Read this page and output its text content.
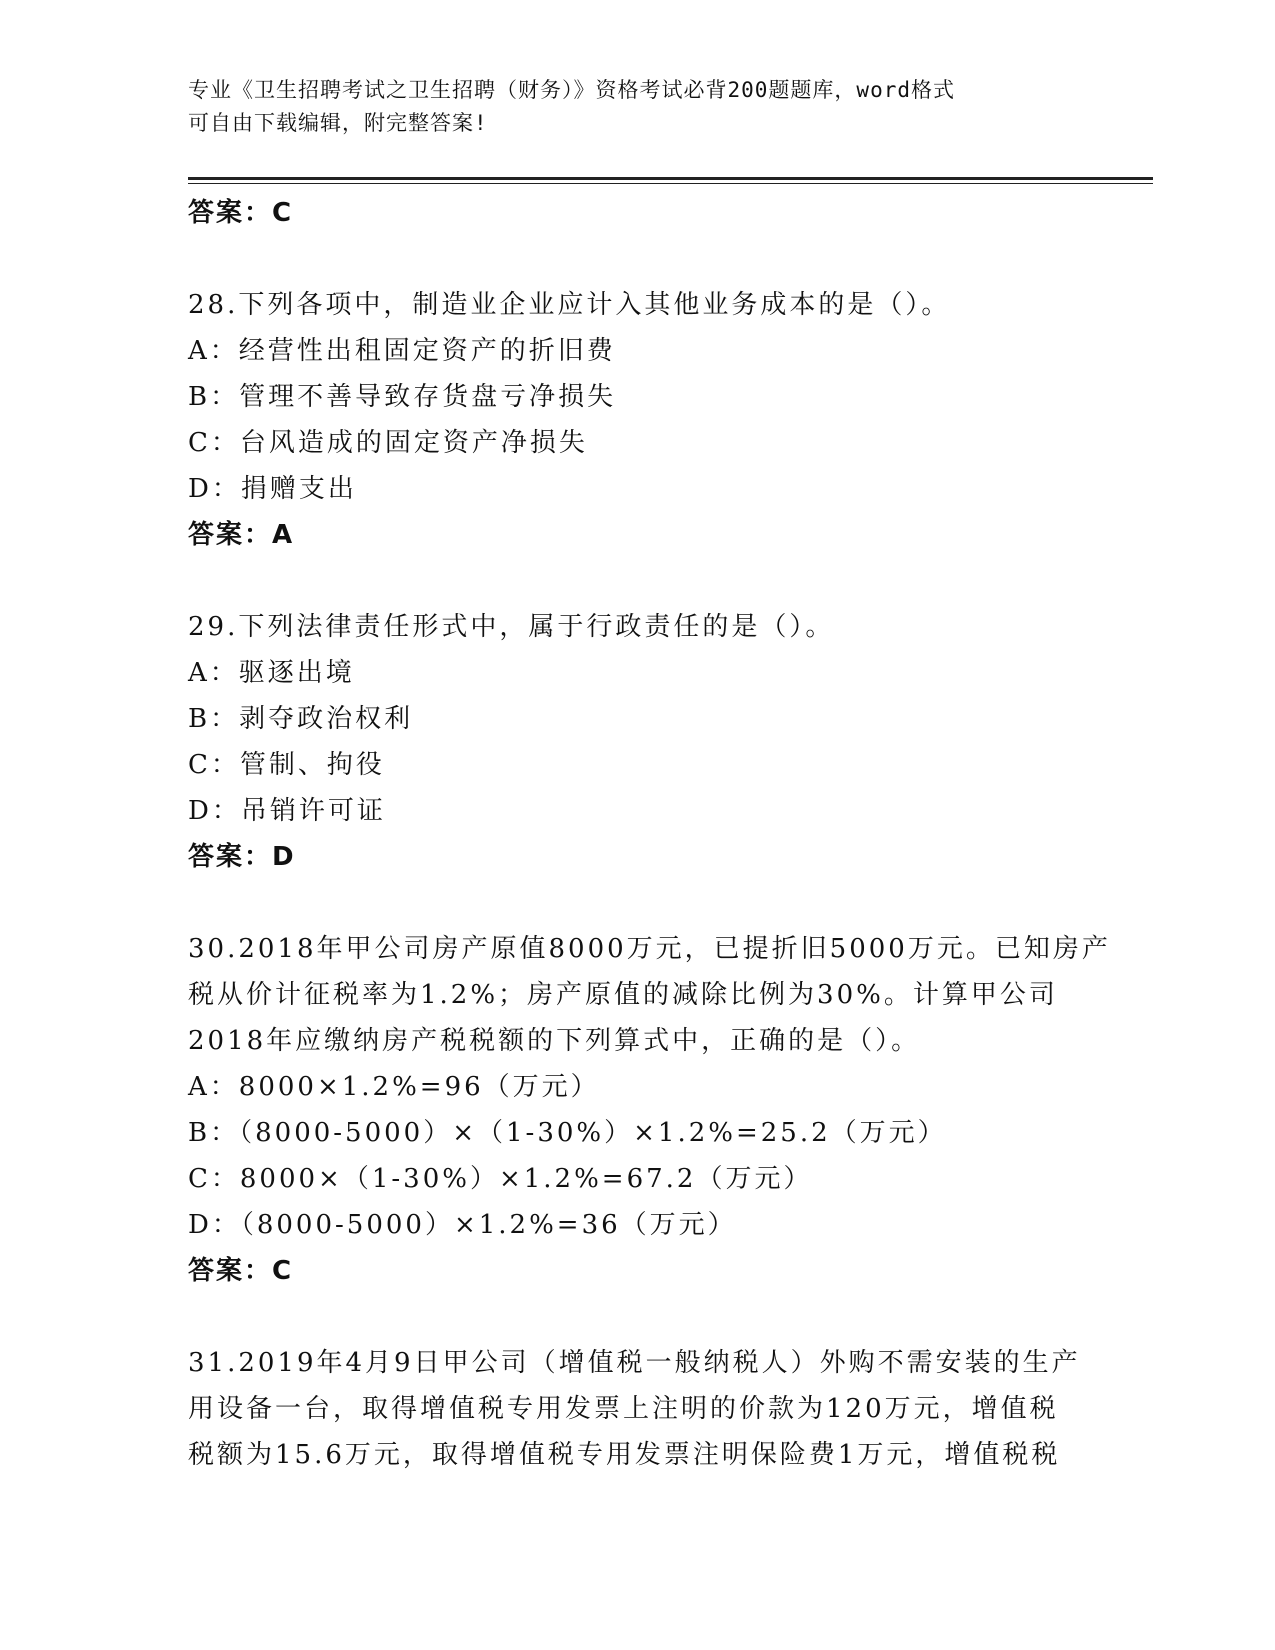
专业《卫生招聘考试之卫生招聘（财务）》资格考试必背200题题库，word格式
可自由下载编辑，附完整答案!
答案：C
28.下列各项中，制造业企业应计入其他业务成本的是（）。
A：经营性出租固定资产的折旧费
B：管理不善导致存货盘亏净损失
C：台风造成的固定资产净损失
D：捐赠支出
答案：A
29.下列法律责任形式中，属于行政责任的是（）。
A：驱逐出境
B：剥夺政治权利
C：管制、拘役
D：吊销许可证
答案：D
30.2018年甲公司房产原值8000万元，已提折旧5000万元。已知房产
税从价计征税率为1.2%；房产原值的减除比例为30%。计算甲公司
2018年应缴纳房产税税额的下列算式中，正确的是（）。
A：8000×1.2%=96（万元）
B：（8000-5000）×（1-30%）×1.2%=25.2（万元）
C：8000×（1-30%）×1.2%=67.2（万元）
D：（8000-5000）×1.2%=36（万元）
答案：C
31.2019年4月9日甲公司（增值税一般纳税人）外购不需安装的生产
用设备一台，取得增值税专用发票上注明的价款为120万元，增值税
税额为15.6万元，取得增值税专用发票注明保险费1万元，增值税税
